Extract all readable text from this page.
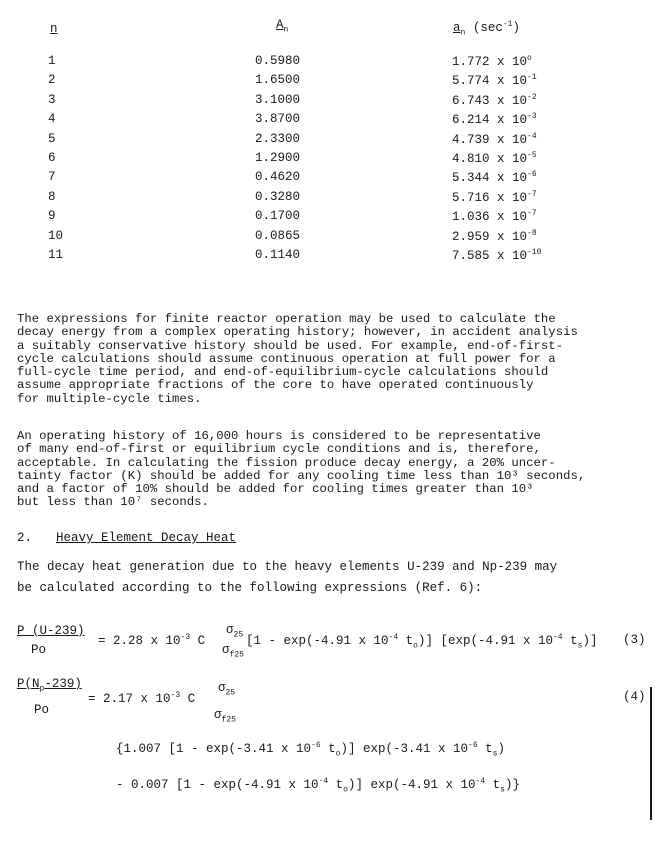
n	$A_n$	$a_n$ $(\sec^{-1})$
1	0.5980	1.772 x 10$^o$
2	1.6500	5.774 x $10^{-1}$
3	3.1000	6.743 x $10^{-2}$
4	3.8700	6.214 x $10^{-3}$
5	2.3300	4.739 x $10^{-4}$
6	1.2900	4.810 x $10^{-5}$
7	0.4620	5.344 x $10^{-6}$
8	0.3280	5.716 x $10^{-7}$
9	0.1700	1.036 x $10^{-7}$
10	0.0865	2.959 x $10^{-8}$
11	0.1140	7.585 x $10^{-10}$
The expressions for finite reactor operation may be used to calculate the
decay energy from a complex operating history; however, in accident analysis
a suitably conservative history should be used. For example, end-of-first-
cycle calculations should assume continuous operation at full power for a
full-cycle time period, and end-of-equilibrium-cycle calculations should
assume appropriate fractions of the core to have operated continuously
for multiple-cycle times.
An operating history of 16,000 hours is considered to be representative
of many end-of-first or equilibrium cycle conditions and is, therefore,
acceptable. In calculating the fission produce decay energy, a 20% uncer-
tainty factor (K) should be added for any cooling time less than 10³ seconds,
and a factor of 10% should be added for cooling times greater than 10³
but less than 10⁷ seconds.
2. Heavy Element Decay Heat
The decay heat generation due to the heavy elements U-239 and Np-239 may
be calculated according to the following expressions (Ref. 6):
P (U-239)
Po
= 2.28 x $10^{-3}$ C
$\sigma_{25}$
$\sigma_{f25}$
[1 - exp(-4.91 x $10^{-4}$ $t_o$)] [exp(-4.91 x $10^{-4}$ $t_s$)] (3)
$P(N_p-239)$
Po
= 2.17 x $10^{-3}$ C
$\sigma_{25}$
$\sigma_{f25}$
(4)
{1.007 [1 - exp(-3.41 x $10^{-6}$ $t_o$)] exp(-3.41 x $10^{-6}$ $t_s$)
- 0.007 [1 - exp(-4.91 x $10^{-4}$ $t_o$)] exp(-4.91 x $10^{-4}$ $t_s$)}
